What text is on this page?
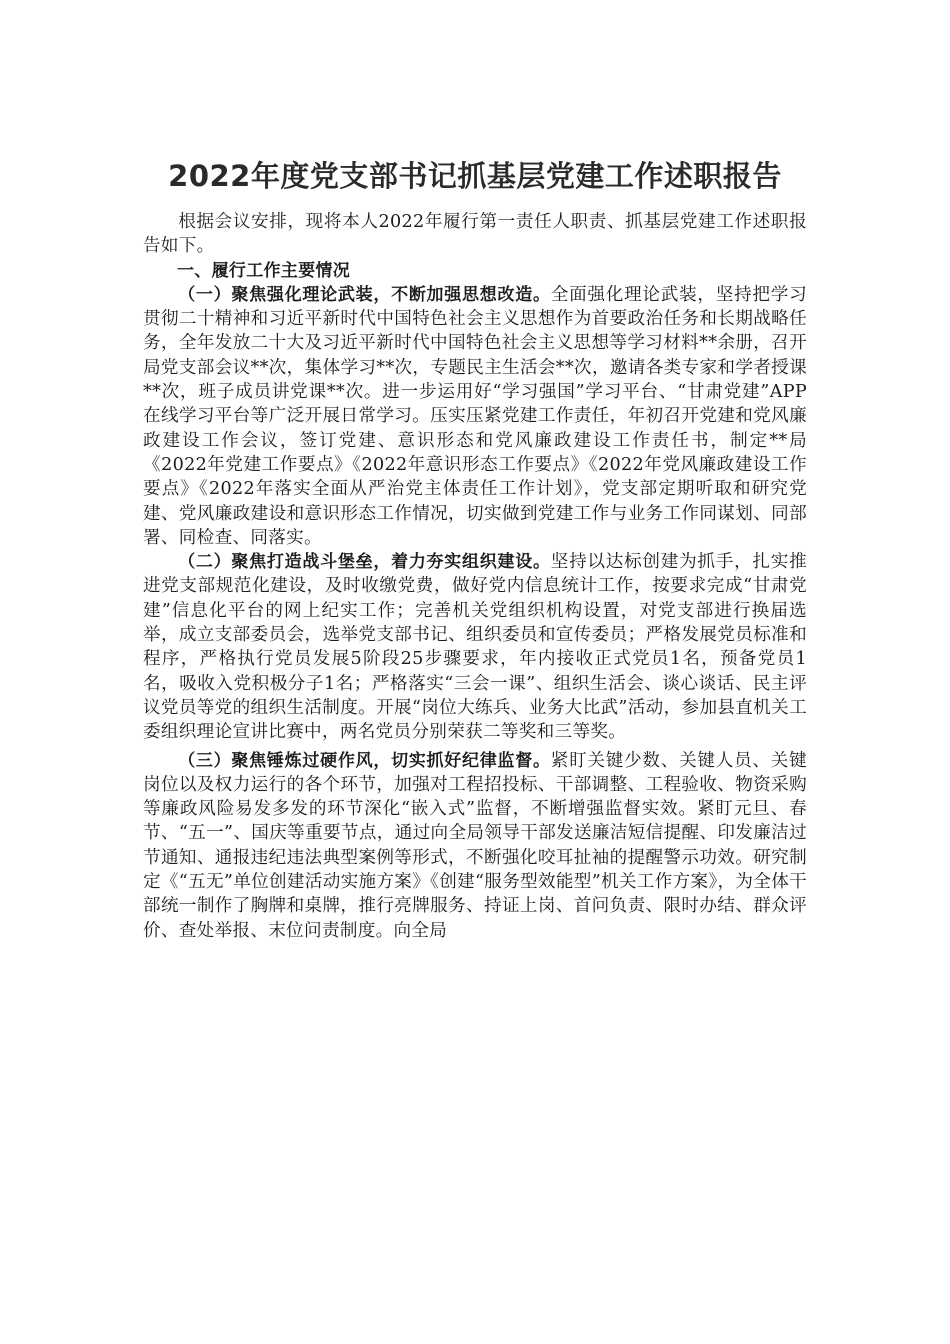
2022年度党支部书记抓基层党建工作述职报告

根据会议安排，现将本人2022年履行第一责任人职责、抓基层党建工作述职报告如下。

一、履行工作主要情况

（一）聚焦强化理论武装，不断加强思想改造。全面强化理论武装，坚持把学习贯彻二十精神和习近平新时代中国特色社会主义思想作为首要政治任务和长期战略任务，全年发放二十大及习近平新时代中国特色社会主义思想等学习材料**余册，召开局党支部会议**次，集体学习**次，专题民主生活会**次，邀请各类专家和学者授课**次，班子成员讲党课**次。进一步运用好“学习强国”学习平台、“甘肃党建”APP在线学习平台等广泛开展日常学习。压实压紧党建工作责任，年初召开党建和党风廉政建设工作会议，签订党建、意识形态和党风廉政建设工作责任书，制定**局《2022年党建工作要点》《2022年意识形态工作要点》《2022年党风廉政建设工作要点》《2022年落实全面从严治党主体责任工作计划》，党支部定期听取和研究党建、党风廉政建设和意识形态工作情况，切实做到党建工作与业务工作同谋划、同部署、同检查、同落实。

（二）聚焦打造战斗堡垒，着力夯实组织建设。坚持以达标创建为抓手，扎实推进党支部规范化建设，及时收缴党费，做好党内信息统计工作，按要求完成“甘肃党建”信息化平台的网上纪实工作；完善机关党组织机构设置，对党支部进行换届选举，成立支部委员会，选举党支部书记、组织委员和宣传委员；严格发展党员标准和程序，严格执行党员发展5阶段25步骤要求，年内接收正式党员1名，预备党员1名，吸收入党积极分子1名；严格落实“三会一课”、组织生活会、谈心谈话、民主评议党员等党的组织生活制度。开展“岗位大练兵、业务大比武”活动，参加县直机关工委组织理论宣讲比赛中，两名党员分别荣获二等奖和三等奖。

（三）聚焦锤炼过硬作风，切实抓好纪律监督。紧盯关键少数、关键人员、关键岗位以及权力运行的各个环节，加强对工程招投标、干部调整、工程验收、物资采购等廉政风险易发多发的环节深化“嵌入式”监督，不断增强监督实效。紧盯元旦、春节、“五一”、国庆等重要节点，通过向全局领导干部发送廉洁短信提醒、印发廉洁过节通知、通报违纪违法典型案例等形式，不断强化咬耳扯袖的提醒警示功效。研究制定《“五无”单位创建活动实施方案》《创建“服务型效能型”机关工作方案》，为全体干部统一制作了胸牌和桌牌，推行亮牌服务、持证上岗、首问负责、限时办结、群众评价、查处举报、末位问责制度。向全局
